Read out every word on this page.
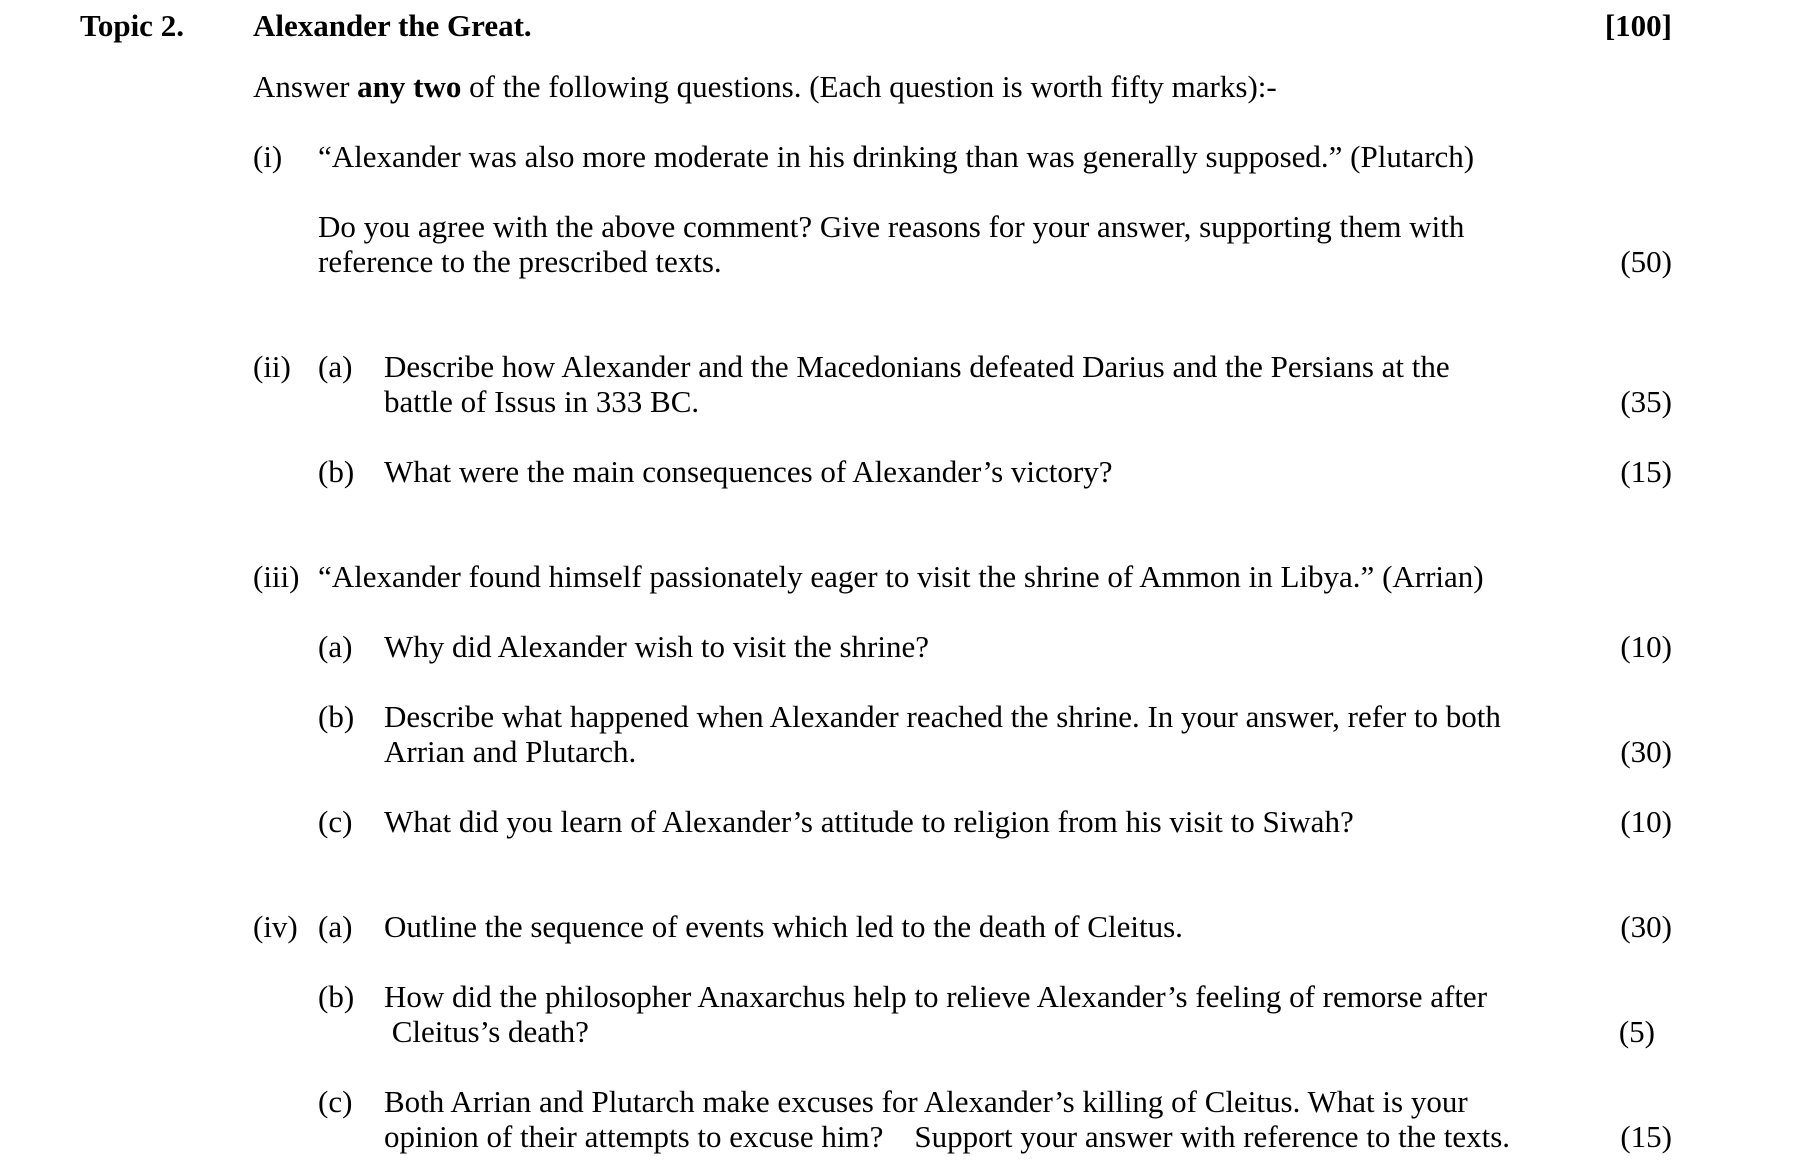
Topic 2. Alexander the Great.	[100]
Answer any two of the following questions. (Each question is worth fifty marks):-
(i) “Alexander was also more moderate in his drinking than was generally supposed.” (Plutarch)
Do you agree with the above comment? Give reasons for your answer, supporting them with
reference to the prescribed texts.	(50)
(ii) (a) Describe how Alexander and the Macedonians defeated Darius and the Persians at the
battle of Issus in 333 BC.	(35)
(b) What were the main consequences of Alexander’s victory?	(15)
(iii) “Alexander found himself passionately eager to visit the shrine of Ammon in Libya.” (Arrian)
(a) Why did Alexander wish to visit the shrine?	(10)
(b) Describe what happened when Alexander reached the shrine. In your answer, refer to both
Arrian and Plutarch.	(30)
(c) What did you learn of Alexander’s attitude to religion from his visit to Siwah?	(10)
(iv) (a) Outline the sequence of events which led to the death of Cleitus.	(30)
(b) How did the philosopher Anaxarchus help to relieve Alexander’s feeling of remorse after
Cleitus’s death?	(5)
(c) Both Arrian and Plutarch make excuses for Alexander’s killing of Cleitus. What is your
opinion of their attempts to excuse him?    Support your answer with reference to the texts.	(15)
